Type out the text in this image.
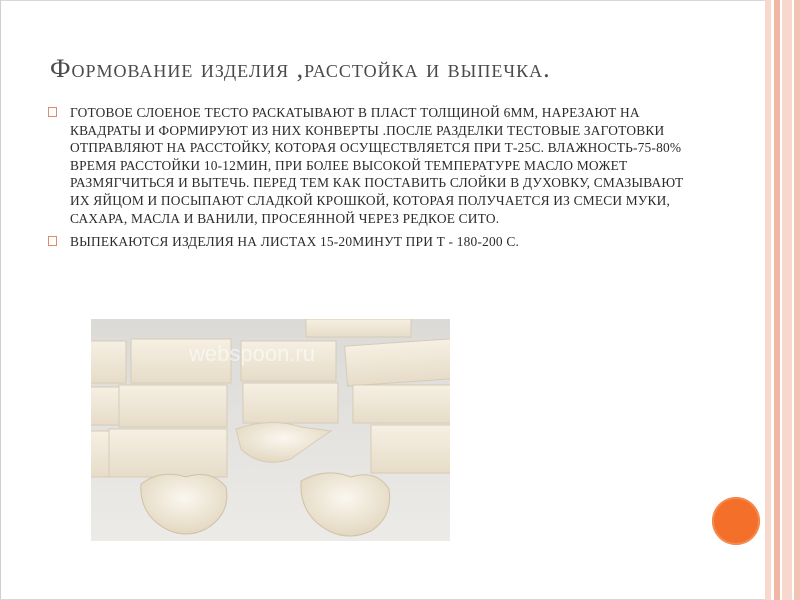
Формование изделия ,расстойка и выпечка.
ГОТОВОЕ СЛОЕНОЕ ТЕСТО РАСКАТЫВАЮТ В ПЛАСТ ТОЛЩИНОЙ 6ММ, НАРЕЗАЮТ НА КВАДРАТЫ И ФОРМИРУЮТ ИЗ НИХ КОНВЕРТЫ .ПОСЛЕ РАЗДЕЛКИ ТЕСТОВЫЕ ЗАГОТОВКИ ОТПРАВЛЯЮТ НА РАССТОЙКУ, КОТОРАЯ ОСУЩЕСТВЛЯЕТСЯ ПРИ Т-25С. ВЛАЖНОСТЬ-75-80% ВРЕМЯ РАССТОЙКИ 10-12МИН, ПРИ БОЛЕЕ ВЫСОКОЙ ТЕМПЕРАТУРЕ МАСЛО МОЖЕТ РАЗМЯГЧИТЬСЯ И ВЫТЕЧЬ. ПЕРЕД ТЕМ КАК ПОСТАВИТЬ СЛОЙКИ В ДУХОВКУ, СМАЗЫВАЮТ ИХ ЯЙЦОМ И ПОСЫПАЮТ СЛАДКОЙ КРОШКОЙ, КОТОРАЯ ПОЛУЧАЕТСЯ ИЗ СМЕСИ МУКИ, САХАРА, МАСЛА И ВАНИЛИ, ПРОСЕЯННОЙ ЧЕРЕЗ РЕДКОЕ СИТО.
ВЫПЕКАЮТСЯ ИЗДЕЛИЯ НА ЛИСТАХ 15-20МИНУТ ПРИ Т - 180-200 С.
webspoon.ru
